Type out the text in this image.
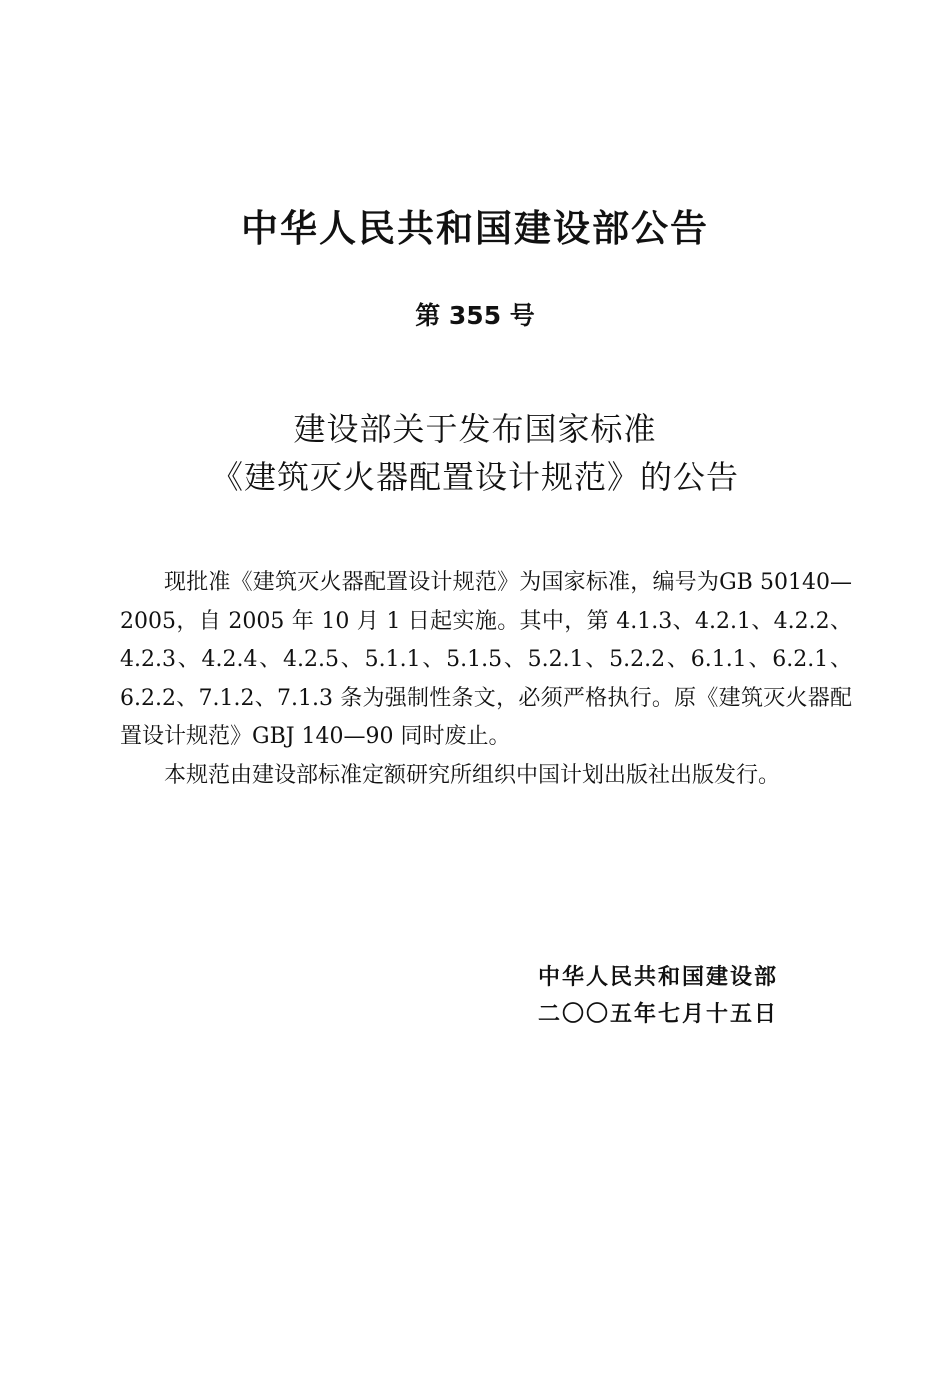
中华人民共和国建设部公告
第 355 号
建设部关于发布国家标准
《建筑灭火器配置设计规范》的公告

现批准《建筑灭火器配置设计规范》为国家标准，编号为GB 50140—2005，自 2005 年 10 月 1 日起实施。其中，第 4.1.3、4.2.1、4.2.2、4.2.3、4.2.4、4.2.5、5.1.1、5.1.5、5.2.1、5.2.2、6.1.1、6.2.1、6.2.2、7.1.2、7.1.3 条为强制性条文，必须严格执行。原《建筑灭火器配置设计规范》GBJ 140—90 同时废止。

本规范由建设部标准定额研究所组织中国计划出版社出版发行。

中华人民共和国建设部
二〇〇五年七月十五日
